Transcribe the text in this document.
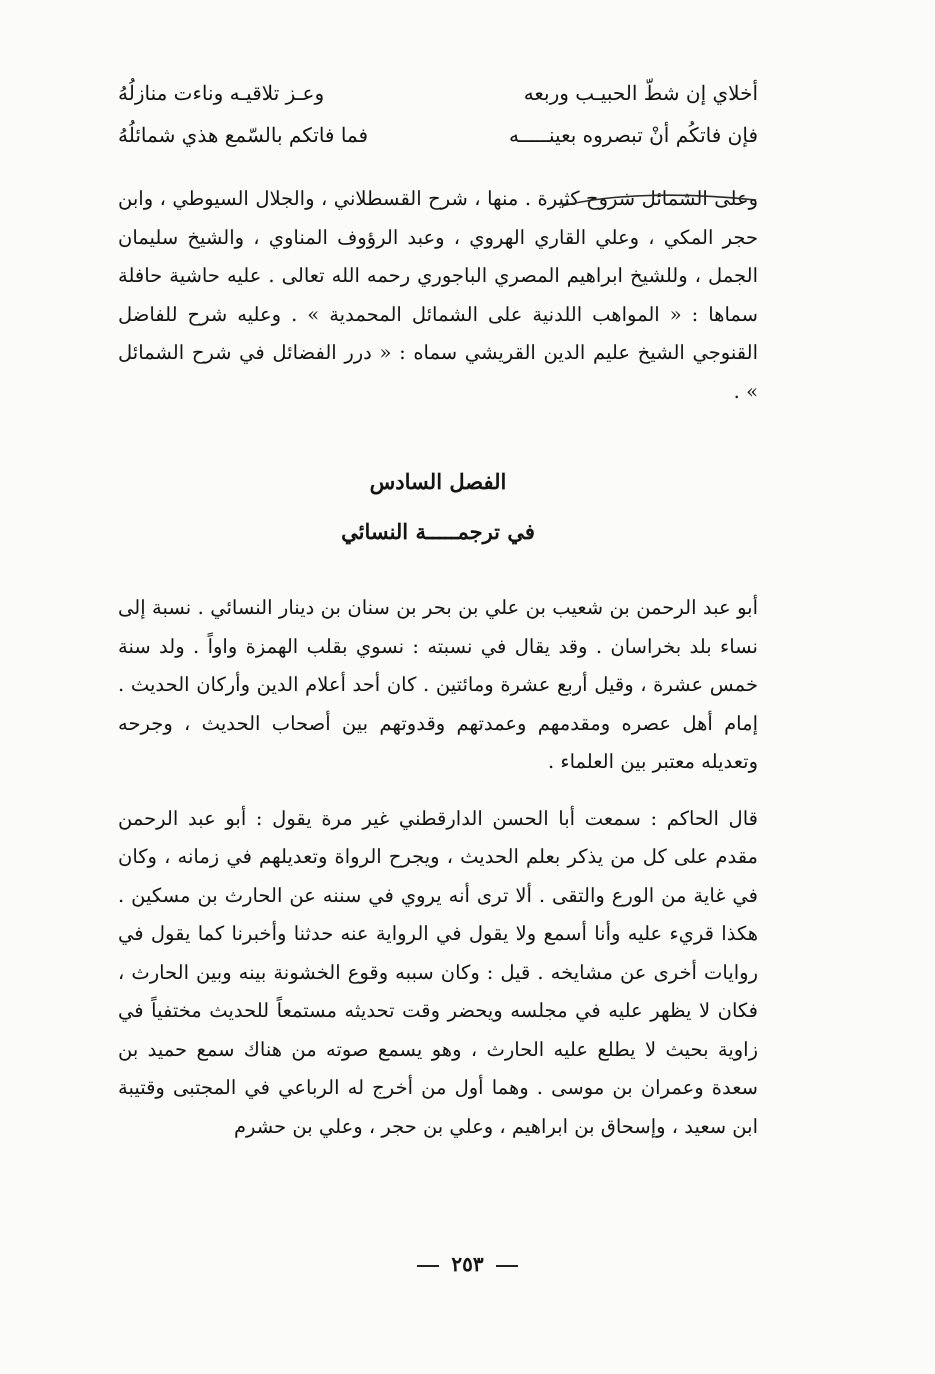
أخلاي إن شطّ الحبيـب وربعه
وعـز تلاقيـه وناءت منازلُهُ
فإن فاتكُم أنْ تبصروه بعينـــــه
فما فاتكم بالسّمع هذي شمائلُهُ

وعلى الشمائل شروح كثيرة . منها ، شرح القسطلاني ، والجلال السيوطي ، وابن حجر المكي ، وعلي القاري الهروي ، وعبد الرؤوف المناوي ، والشيخ سليمان الجمل ، وللشيخ ابراهيم المصري الباجوري رحمه الله تعالى . عليه حاشية حافلة سماها : « المواهب اللدنية على الشمائل المحمدية » . وعليه شرح للفاضل القنوجي الشيخ عليم الدين القريشي سماه : « درر الفضائل في شرح الشمائل » .

الفصل السادس
في ترجمـــــة النسائي

أبو عبد الرحمن بن شعيب بن علي بن بحر بن سنان بن دينار النسائي . نسبة إلى نساء بلد بخراسان . وقد يقال في نسبته : نسوي بقلب الهمزة واواً . ولد سنة خمس عشرة ، وقيل أربع عشرة ومائتين . كان أحد أعلام الدين وأركان الحديث . إمام أهل عصره ومقدمهم وعمدتهم وقدوتهم بين أصحاب الحديث ، وجرحه وتعديله معتبر بين العلماء .

قال الحاكم : سمعت أبا الحسن الدارقطني غير مرة يقول : أبو عبد الرحمن مقدم على كل من يذكر بعلم الحديث ، ويجرح الرواة وتعديلهم في زمانه ، وكان في غاية من الورع والتقى . ألا ترى أنه يروي في سننه عن الحارث بن مسكين . هكذا قريء عليه وأنا أسمع ولا يقول في الرواية عنه حدثنا وأخبرنا كما يقول في روايات أخرى عن مشايخه . قيل : وكان سببه وقوع الخشونة بينه وبين الحارث ، فكان لا يظهر عليه في مجلسه ويحضر وقت تحديثه مستمعاً للحديث مختفياً في زاوية بحيث لا يطلع عليه الحارث ، وهو يسمع صوته من هناك سمع حميد بن سعدة وعمران بن موسى . وهما أول من أخرج له الرباعي في المجتبى وقتيبة ابن سعيد ، وإسحاق بن ابراهيم ، وعلي بن حجر ، وعلي بن حشرم

٢٥٣
